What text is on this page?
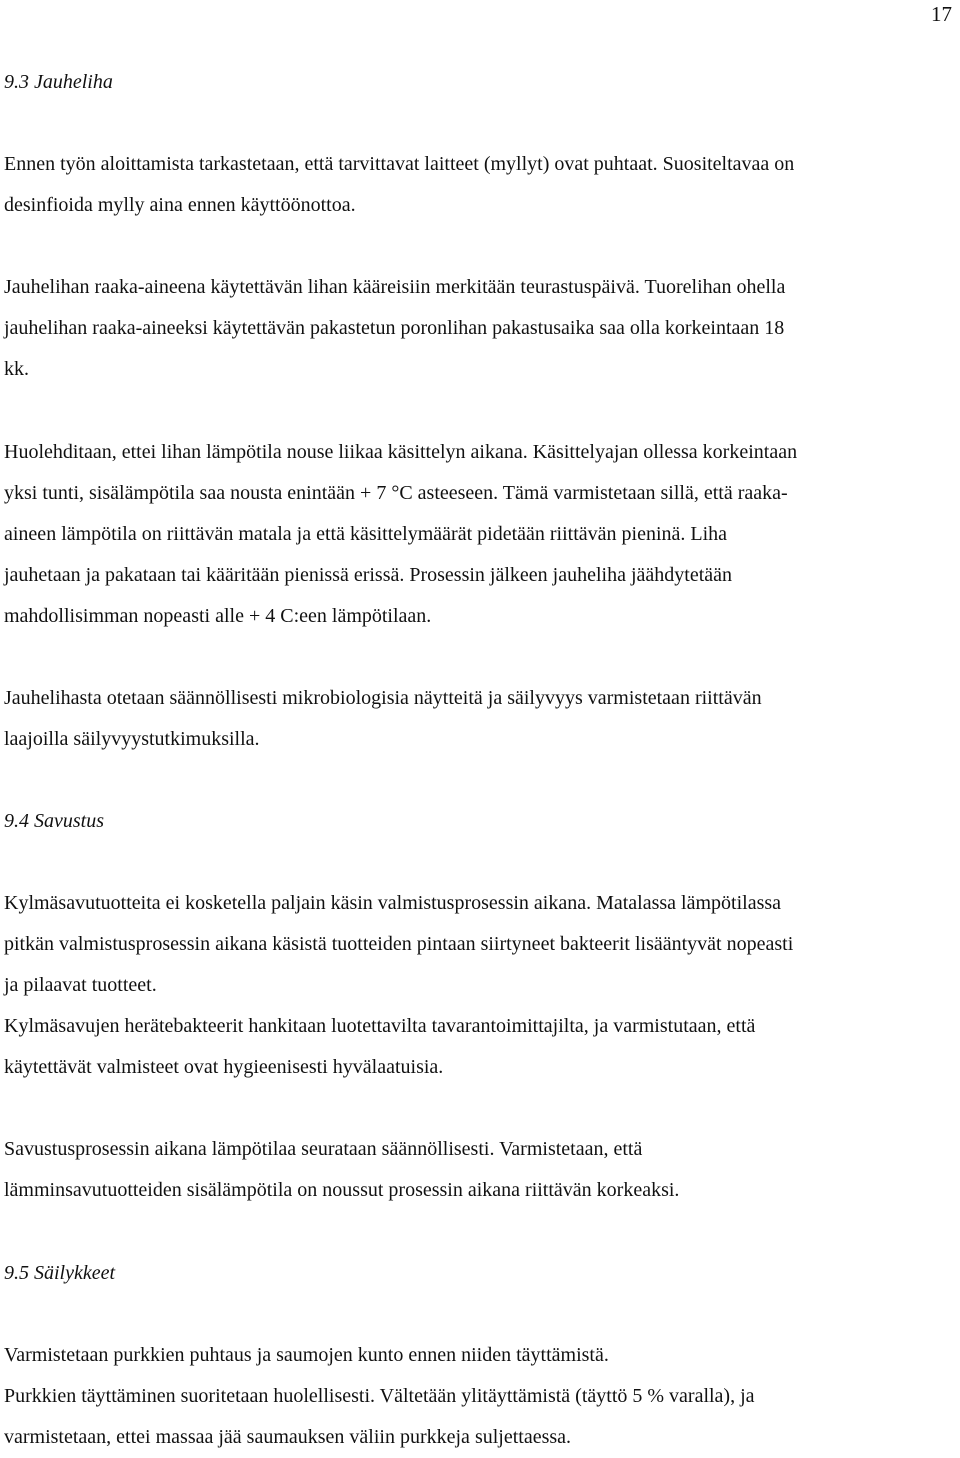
17
9.3 Jauheliha
Ennen työn aloittamista tarkastetaan, että tarvittavat laitteet (myllyt) ovat puhtaat. Suositeltavaa on
desinfioida mylly aina ennen käyttöönottoa.
Jauhelihan raaka-aineena käytettävän lihan kääreisiin merkitään teurastuspäivä. Tuorelihan ohella
jauhelihan raaka-aineeksi käytettävän pakastetun poronlihan pakastusaika saa olla korkeintaan 18
kk.
Huolehditaan, ettei lihan lämpötila nouse liikaa käsittelyn aikana. Käsittelyajan ollessa korkeintaan
yksi tunti, sisälämpötila saa nousta enintään + 7 °C asteeseen. Tämä varmistetaan sillä, että raaka-
aineen lämpötila on riittävän matala ja että käsittelymäärät pidetään riittävän pieninä. Liha
jauhetaan ja pakataan tai kääritään pienissä erissä. Prosessin jälkeen jauheliha jäähdytetään
mahdollisimman nopeasti alle + 4 C:een lämpötilaan.
Jauhelihasta otetaan säännöllisesti mikrobiologisia näytteitä ja säilyvyys varmistetaan riittävän
laajoilla säilyvyystutkimuksilla.
9.4 Savustus
Kylmäsavutuotteita ei kosketella paljain käsin valmistusprosessin aikana. Matalassa lämpötilassa
pitkän valmistusprosessin aikana käsistä tuotteiden pintaan siirtyneet bakteerit lisääntyvät nopeasti
ja pilaavat tuotteet.
Kylmäsavujen herätebakteerit hankitaan luotettavilta tavarantoimittajilta, ja varmistutaan, että
käytettävät valmisteet ovat hygieenisesti hyvälaatuisia.
Savustusprosessin aikana lämpötilaa seurataan säännöllisesti. Varmistetaan, että
lämminsavutuotteiden sisälämpötila on noussut prosessin aikana riittävän korkeaksi.
9.5 Säilykkeet
Varmistetaan purkkien puhtaus ja saumojen kunto ennen niiden täyttämistä.
Purkkien täyttäminen suoritetaan huolellisesti. Vältetään ylitäyttämistä (täyttö 5 % varalla), ja
varmistetaan, ettei massaa jää saumauksen väliin purkkeja suljettaessa.
